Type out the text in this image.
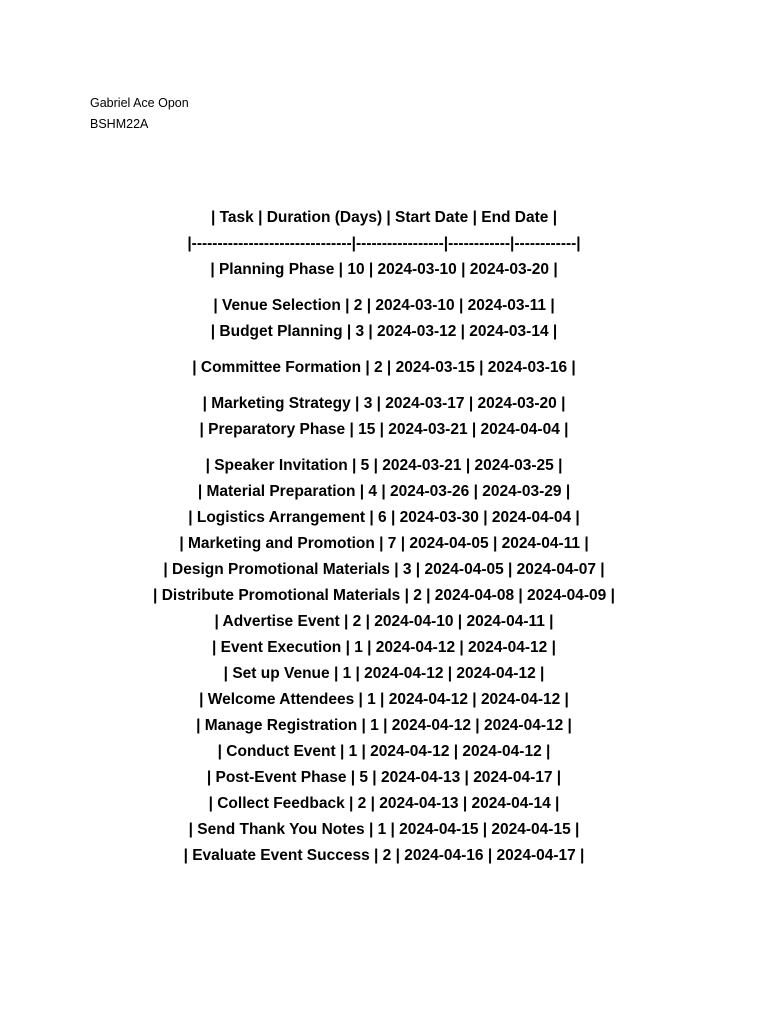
Gabriel Ace Opon
BSHM22A
| Task | Duration (Days) | Start Date | End Date |
|-------------------------------|-----------------|------------|------------|
| Planning Phase | 10 | 2024-03-10 | 2024-03-20 |
| Venue Selection | 2 | 2024-03-10 | 2024-03-11 |
| Budget Planning | 3 | 2024-03-12 | 2024-03-14 |
| Committee Formation | 2 | 2024-03-15 | 2024-03-16 |
| Marketing Strategy | 3 | 2024-03-17 | 2024-03-20 |
| Preparatory Phase | 15 | 2024-03-21 | 2024-04-04 |
| Speaker Invitation | 5 | 2024-03-21 | 2024-03-25 |
| Material Preparation | 4 | 2024-03-26 | 2024-03-29 |
| Logistics Arrangement | 6 | 2024-03-30 | 2024-04-04 |
| Marketing and Promotion | 7 | 2024-04-05 | 2024-04-11 |
| Design Promotional Materials | 3 | 2024-04-05 | 2024-04-07 |
| Distribute Promotional Materials | 2 | 2024-04-08 | 2024-04-09 |
| Advertise Event | 2 | 2024-04-10 | 2024-04-11 |
| Event Execution | 1 | 2024-04-12 | 2024-04-12 |
| Set up Venue | 1 | 2024-04-12 | 2024-04-12 |
| Welcome Attendees | 1 | 2024-04-12 | 2024-04-12 |
| Manage Registration | 1 | 2024-04-12 | 2024-04-12 |
| Conduct Event | 1 | 2024-04-12 | 2024-04-12 |
| Post-Event Phase | 5 | 2024-04-13 | 2024-04-17 |
| Collect Feedback | 2 | 2024-04-13 | 2024-04-14 |
| Send Thank You Notes | 1 | 2024-04-15 | 2024-04-15 |
| Evaluate Event Success | 2 | 2024-04-16 | 2024-04-17 |
